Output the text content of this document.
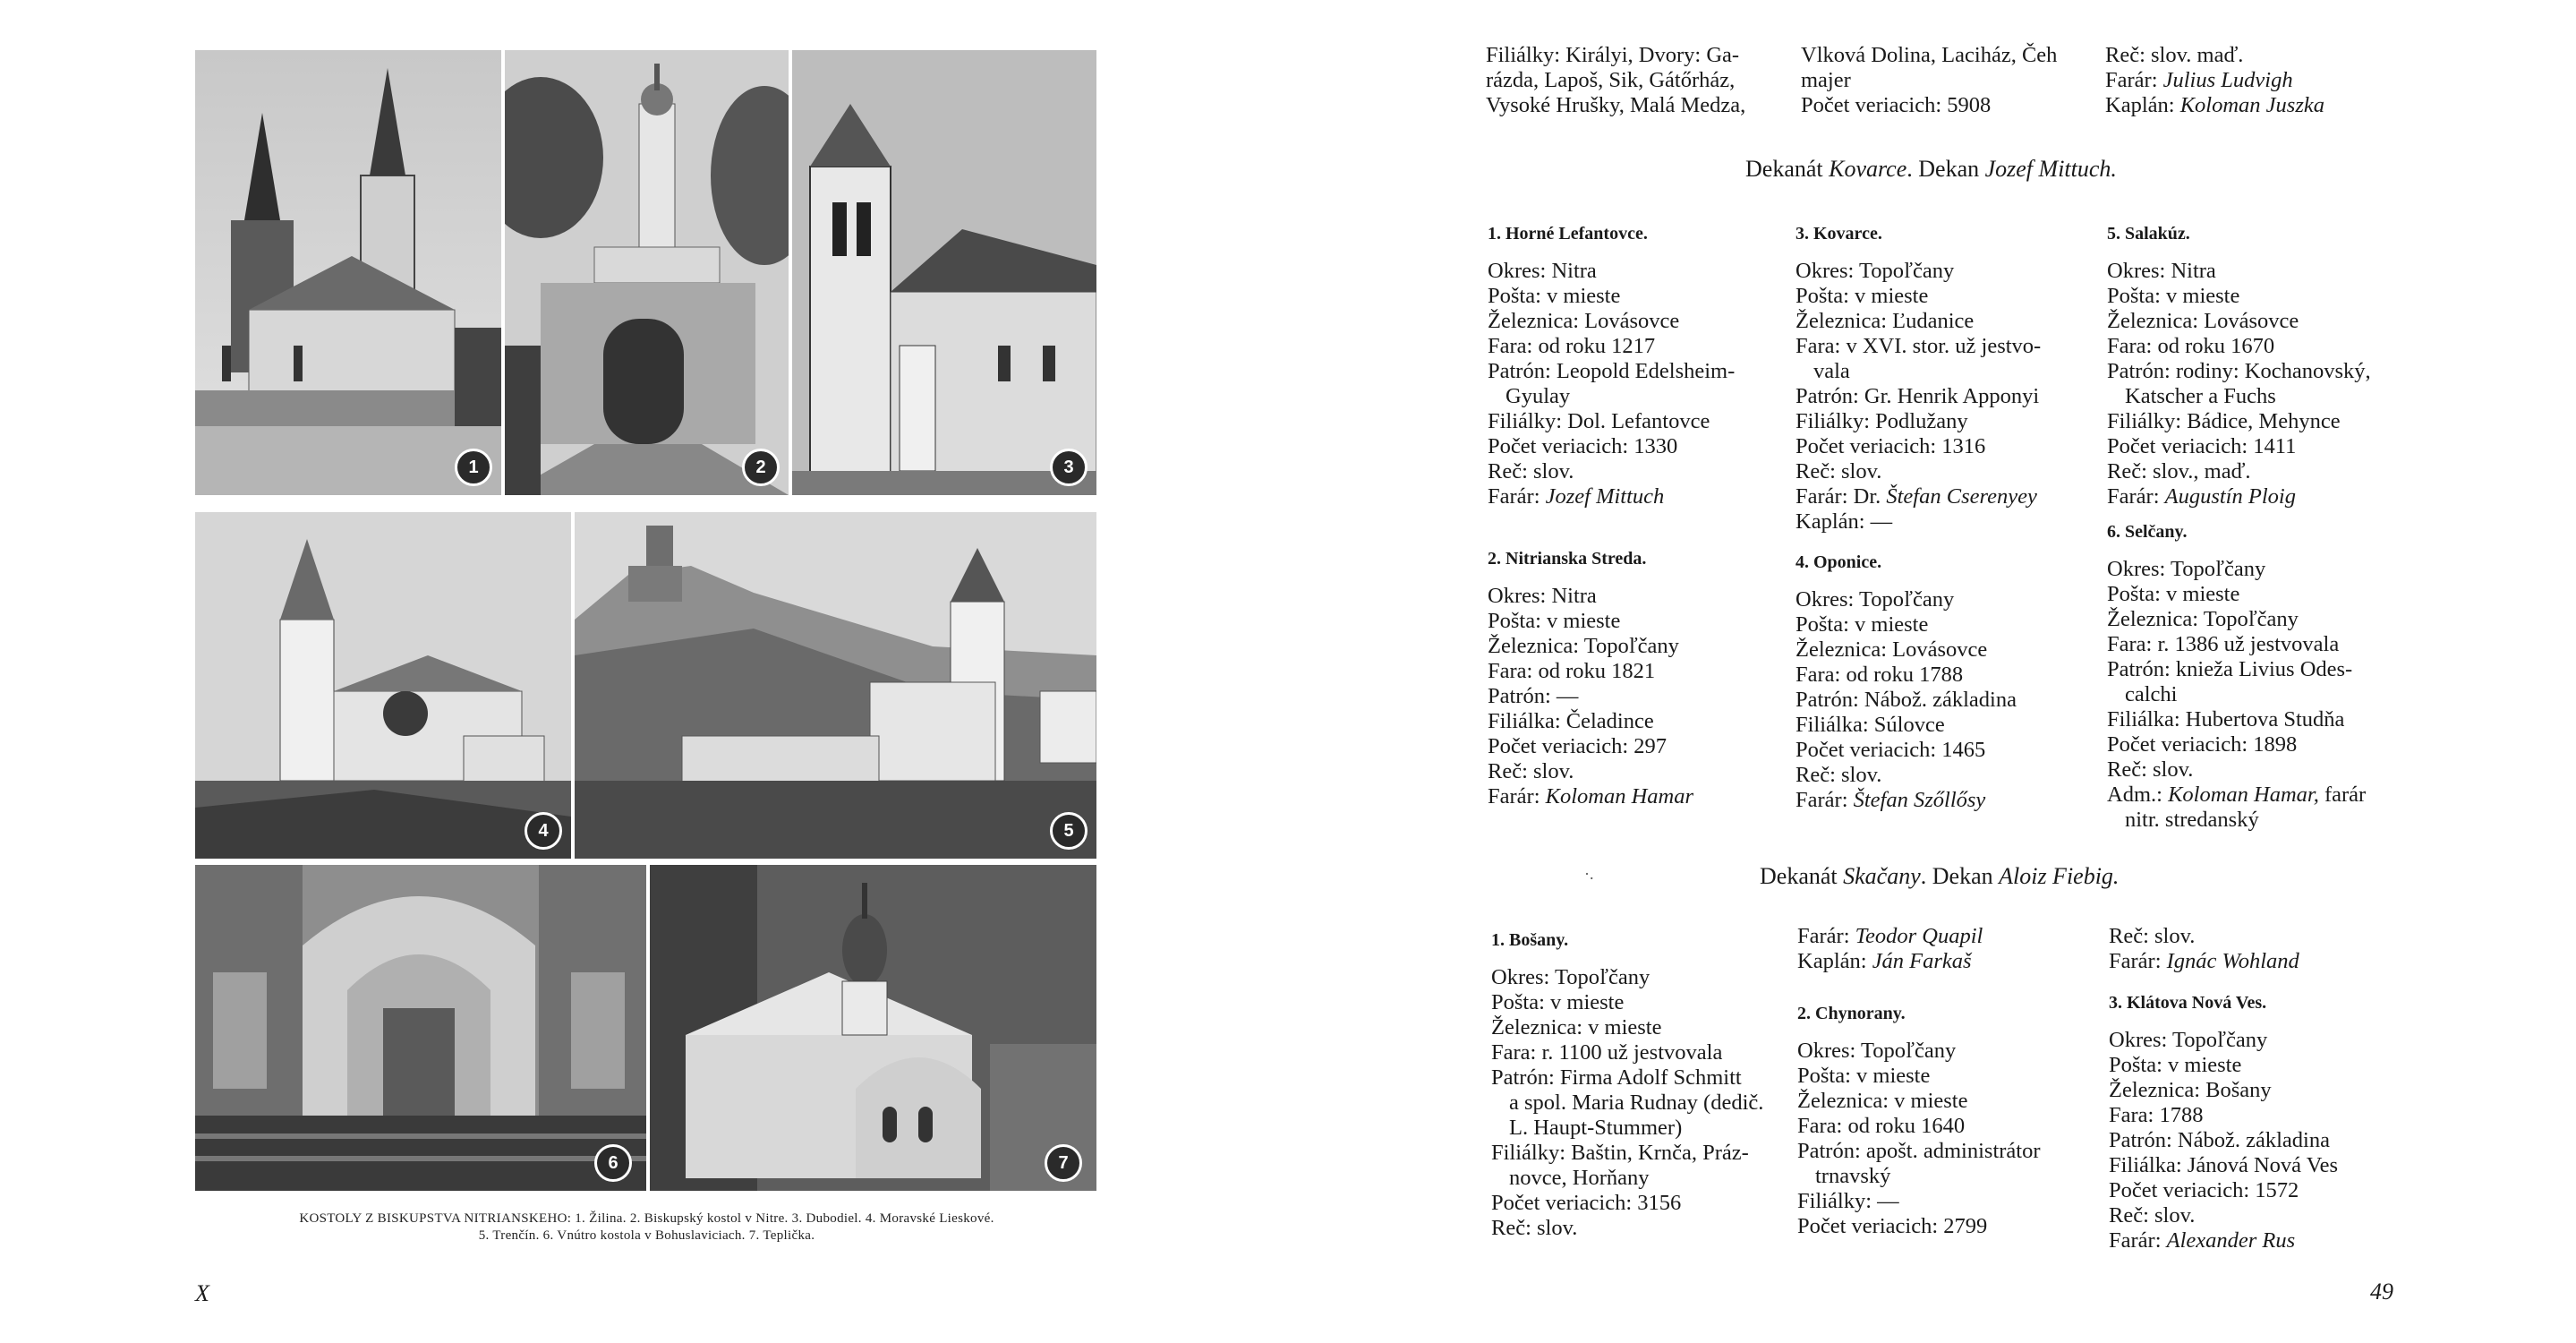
1	2	3
4	5
6	7
KOSTOLY Z BISKUPSTVA NITRIANSKEHO: 1. Žilina. 2. Biskupský kostol v Nitre. 3. Dubodiel. 4. Moravské Lieskové.
5. Trenčín. 6. Vnútro kostola v Bohuslaviciach. 7. Teplička.
X
Filiálky: Királyi, Dvory: Ga-
rázda, Lapoš, Sik, Gátőrház,
Vysoké Hrušky, Malá Medza,
Vlková Dolina, Laciház, Čeh
majer
Počet veriacich: 5908
Reč: slov. maď.
Farár: Julius Ludvigh
Kaplán: Koloman Juszka
Dekanát Kovarce. Dekan Jozef Mittuch.
1. Horné Lefantovce.
Okres: Nitra
Pošta: v mieste
Železnica: Lovásovce
Fara: od roku 1217
Patrón: Leopold Edelsheim-
Gyulay
Filiálky: Dol. Lefantovce
Počet veriacich: 1330
Reč: slov.
Farár: Jozef Mittuch
2. Nitrianska Streda.
Okres: Nitra
Pošta: v mieste
Železnica: Topoľčany
Fara: od roku 1821
Patrón: —
Filiálka: Čeladince
Počet veriacich: 297
Reč: slov.
Farár: Koloman Hamar
3. Kovarce.
Okres: Topoľčany
Pošta: v mieste
Železnica: Ľudanice
Fara: v XVI. stor. už jestvo-
vala
Patrón: Gr. Henrik Apponyi
Filiálky: Podlužany
Počet veriacich: 1316
Reč: slov.
Farár: Dr. Štefan Cserenyey
Kaplán: —
4. Oponice.
Okres: Topoľčany
Pošta: v mieste
Železnica: Lovásovce
Fara: od roku 1788
Patrón: Nábož. základina
Filiálka: Súlovce
Počet veriacich: 1465
Reč: slov.
Farár: Štefan Szőllősy
5. Salakúz.
Okres: Nitra
Pošta: v mieste
Železnica: Lovásovce
Fara: od roku 1670
Patrón: rodiny: Kochanovský,
Katscher a Fuchs
Filiálky: Bádice, Mehynce
Počet veriacich: 1411
Reč: slov., maď.
Farár: Augustín Ploig
6. Selčany.
Okres: Topoľčany
Pošta: v mieste
Železnica: Topoľčany
Fara: r. 1386 už jestvovala
Patrón: knieža Livius Odes-
calchi
Filiálka: Hubertova Studňa
Počet veriacich: 1898
Reč: slov.
Adm.: Koloman Hamar, farár
nitr. stredanský
·.	Dekanát Skačany. Dekan Aloiz Fiebig.
1. Bošany.
Okres: Topoľčany
Pošta: v mieste
Železnica: v mieste
Fara: r. 1100 už jestvovala
Patrón: Firma Adolf Schmitt
a spol. Maria Rudnay (dedič.
L. Haupt-Stummer)
Filiálky: Baštin, Krnča, Práz-
novce, Horňany
Počet veriacich: 3156
Reč: slov.
Farár: Teodor Quapil
Kaplán: Ján Farkaš
2. Chynorany.
Okres: Topoľčany
Pošta: v mieste
Železnica: v mieste
Fara: od roku 1640
Patrón: apošt. administrátor
trnavský
Filiálky: —
Počet veriacich: 2799
Reč: slov.
Farár: Ignác Wohland
3. Klátova Nová Ves.
Okres: Topoľčany
Pošta: v mieste
Železnica: Bošany
Fara: 1788
Patrón: Nábož. základina
Filiálka: Jánová Nová Ves
Počet veriacich: 1572
Reč: slov.
Farár: Alexander Rus
49
